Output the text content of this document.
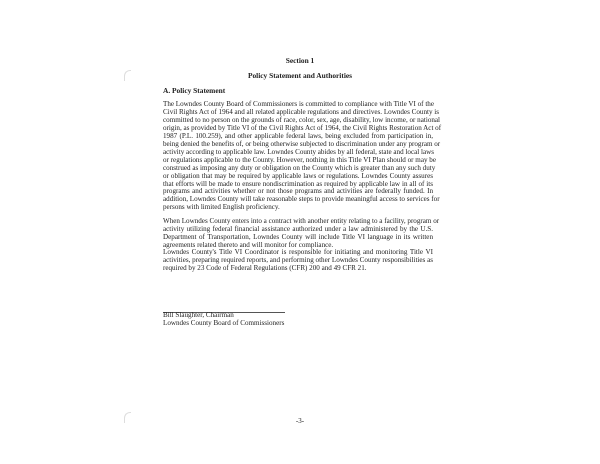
Section 1
Policy Statement and Authorities
A. Policy Statement
The Lowndes County Board of Commissioners is committed to compliance with Title VI of the
Civil Rights Act of 1964 and all related applicable regulations and directives. Lowndes County is
committed to no person on the grounds of race, color, sex, age, disability, low income, or national
origin, as provided by Title VI of the Civil Rights Act of 1964, the Civil Rights Restoration Act of
1987 (P.L. 100.259), and other applicable federal laws, being excluded from participation in,
being denied the benefits of, or being otherwise subjected to discrimination under any program or
activity according to applicable law. Lowndes County abides by all federal, state and local laws
or regulations applicable to the County. However, nothing in this Title VI Plan should or may be
construed as imposing any duty or obligation on the County which is greater than any such duty
or obligation that may be required by applicable laws or regulations. Lowndes County assures
that efforts will be made to ensure nondiscrimination as required by applicable law in all of its
programs and activities whether or not those programs and activities are federally funded. In
addition, Lowndes County will take reasonable steps to provide meaningful access to services for
persons with limited English proficiency.
When Lowndes County enters into a contract with another entity relating to a facility, program or
activity utilizing federal financial assistance authorized under a law administered by the U.S.
Department of Transportation, Lowndes County will include Title VI language in its written
agreements related thereto and will monitor for compliance.
Lowndes County's Title VI Coordinator is responsible for initiating and monitoring Title VI
activities, preparing required reports, and performing other Lowndes County responsibilities as
required by 23 Code of Federal Regulations (CFR) 200 and 49 CFR 21.
Bill Slaughter, Chairman
Lowndes County Board of Commissioners
-3-
